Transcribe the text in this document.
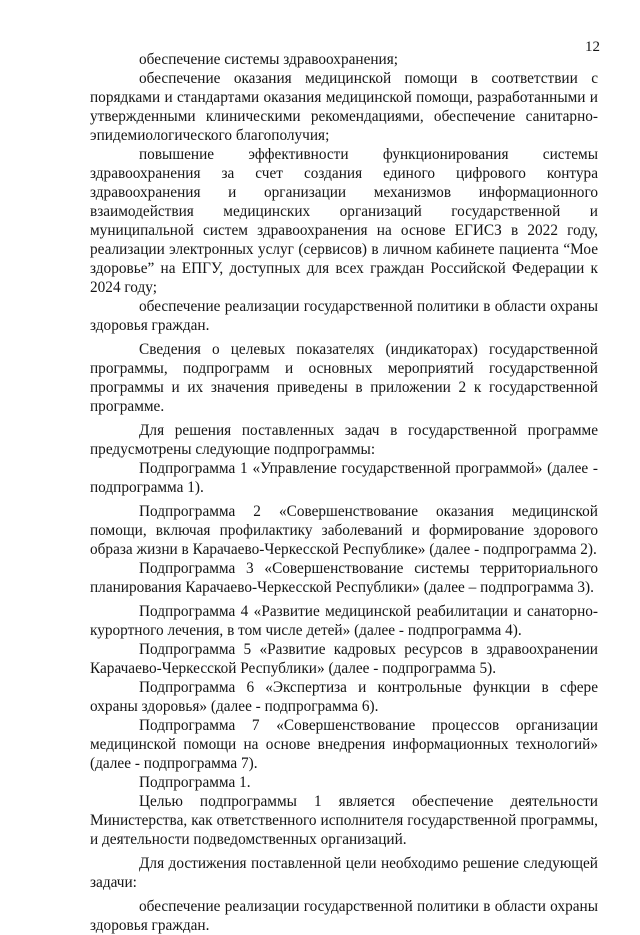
12

обеспечение системы здравоохранения;

обеспечение оказания медицинской помощи в соответствии с порядками и стандартами оказания медицинской помощи, разработанными и утвержденными клиническими рекомендациями, обеспечение санитарно-эпидемиологического благополучия;

повышение эффективности функционирования системы здравоохранения за счет создания единого цифрового контура здравоохранения и организации механизмов информационного взаимодействия медицинских организаций государственной и муниципальной систем здравоохранения на основе ЕГИСЗ в 2022 году, реализации электронных услуг (сервисов) в личном кабинете пациента “Мое здоровье” на ЕПГУ, доступных для всех граждан Российской Федерации к 2024 году;

обеспечение реализации государственной политики в области охраны здоровья граждан.

Сведения о целевых показателях (индикаторах) государственной программы, подпрограмм и основных мероприятий государственной программы и их значения приведены в приложении 2 к государственной программе.

Для решения поставленных задач в государственной программе предусмотрены следующие подпрограммы:

Подпрограмма 1 «Управление государственной программой» (далее - подпрограмма 1).

Подпрограмма 2 «Совершенствование оказания медицинской помощи, включая профилактику заболеваний и формирование здорового образа жизни в Карачаево-Черкесской Республике» (далее - подпрограмма 2).

Подпрограмма 3 «Совершенствование системы территориального планирования Карачаево-Черкесской Республики» (далее – подпрограмма 3).

Подпрограмма 4 «Развитие медицинской реабилитации и санаторно-курортного лечения, в том числе детей» (далее - подпрограмма 4).

Подпрограмма 5 «Развитие кадровых ресурсов в здравоохранении Карачаево-Черкесской Республики» (далее - подпрограмма 5).

Подпрограмма 6 «Экспертиза и контрольные функции в сфере охраны здоровья» (далее - подпрограмма 6).

Подпрограмма 7 «Совершенствование процессов организации медицинской помощи на основе внедрения информационных технологий» (далее - подпрограмма 7).

Подпрограмма 1.

Целью подпрограммы 1 является обеспечение деятельности Министерства, как ответственного исполнителя государственной программы, и деятельности подведомственных организаций.

Для достижения поставленной цели необходимо решение следующей задачи:

обеспечение реализации государственной политики в области охраны здоровья граждан.
